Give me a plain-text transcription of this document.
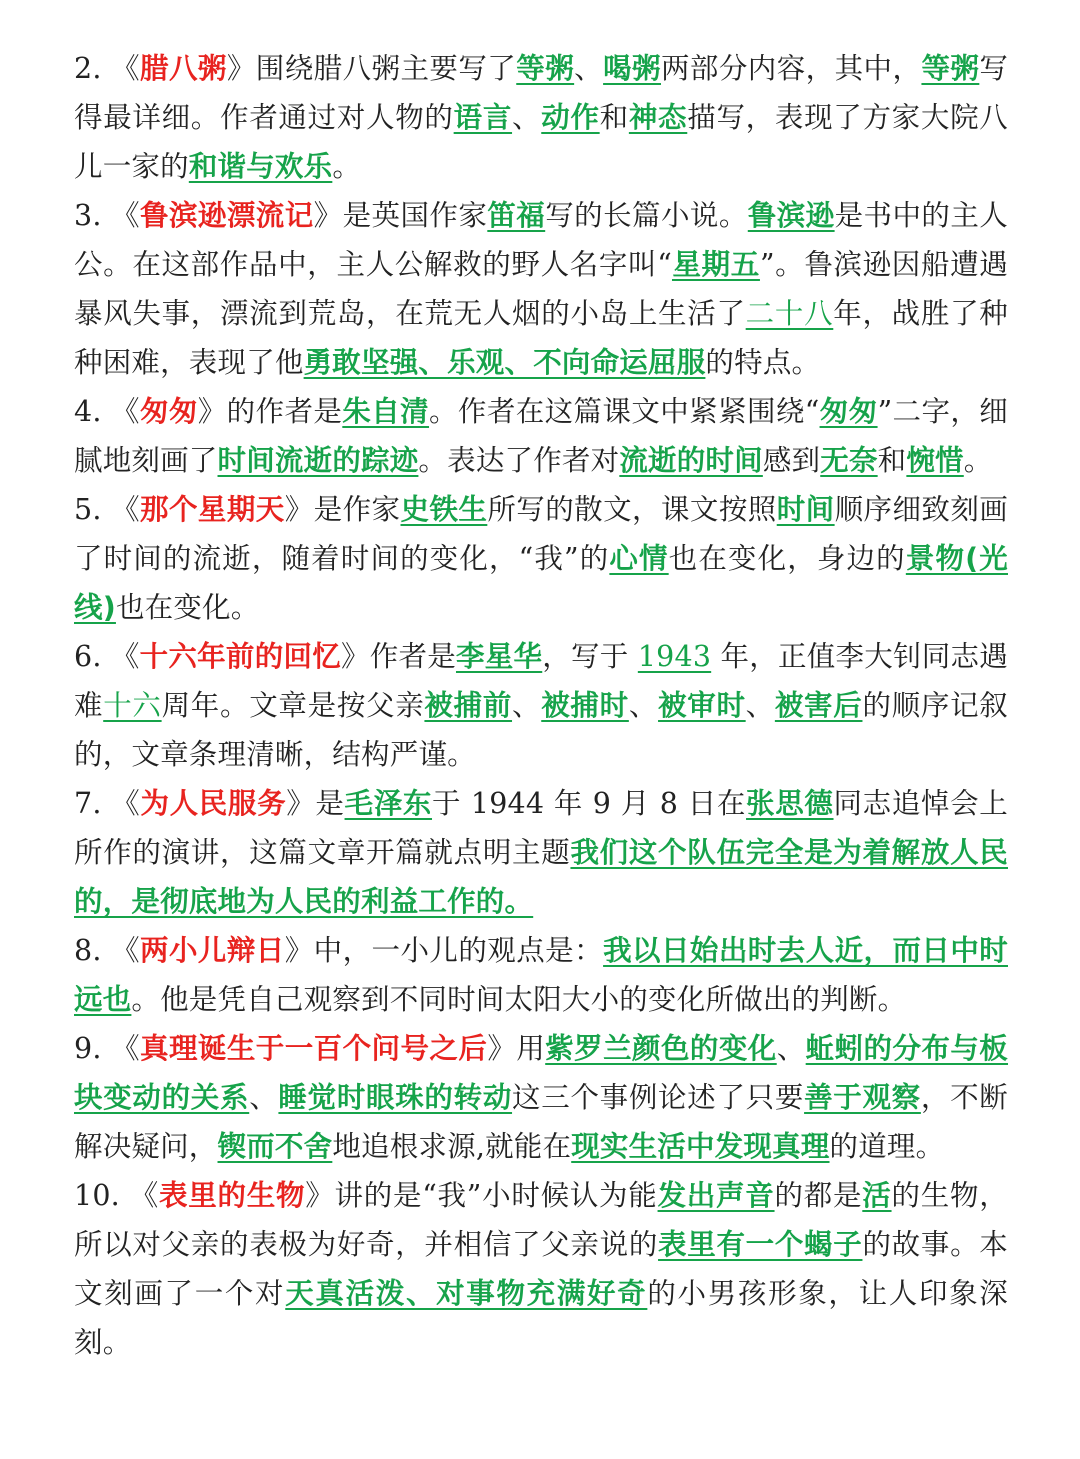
2. 《腊八粥》围绕腊八粥主要写了等粥、喝粥两部分内容，其中，等粥写得最详细。作者通过对人物的语言、动作和神态描写，表现了方家大院八儿一家的和谐与欢乐。

3. 《鲁滨逊漂流记》是英国作家笛福写的长篇小说。鲁滨逊是书中的主人公。在这部作品中，主人公解救的野人名字叫“星期五”。鲁滨逊因船遭遇暴风失事，漂流到荒岛，在荒无人烟的小岛上生活了二十八年，战胜了种种困难，表现了他勇敢坚强、乐观、不向命运屈服的特点。

4. 《匆匆》的作者是朱自清。作者在这篇课文中紧紧围绕“匆匆”二字，细腻地刻画了时间流逝的踪迹。表达了作者对流逝的时间感到无奈和惋惜。

5. 《那个星期天》是作家史铁生所写的散文，课文按照时间顺序细致刻画了时间的流逝，随着时间的变化，“我”的心情也在变化，身边的景物(光线)也在变化。

6. 《十六年前的回忆》作者是李星华，写于 1943 年，正值李大钊同志遇难十六周年。文章是按父亲被捕前、被捕时、被审时、被害后的顺序记叙的，文章条理清晰，结构严谨。

7. 《为人民服务》是毛泽东于 1944 年 9 月 8 日在张思德同志追悼会上所作的演讲，这篇文章开篇就点明主题我们这个队伍完全是为着解放人民的，是彻底地为人民的利益工作的。

8. 《两小儿辩日》中，一小儿的观点是：我以日始出时去人近，而日中时远也。他是凭自己观察到不同时间太阳大小的变化所做出的判断。

9. 《真理诞生于一百个问号之后》用紫罗兰颜色的变化、蚯蚓的分布与板块变动的关系、睡觉时眼珠的转动这三个事例论述了只要善于观察，不断解决疑问，锲而不舍地追根求源,就能在现实生活中发现真理的道理。

10. 《表里的生物》讲的是“我”小时候认为能发出声音的都是活的生物，所以对父亲的表极为好奇，并相信了父亲说的表里有一个蝎子的故事。本文刻画了一个对天真活泼、对事物充满好奇的小男孩形象，让人印象深刻。
